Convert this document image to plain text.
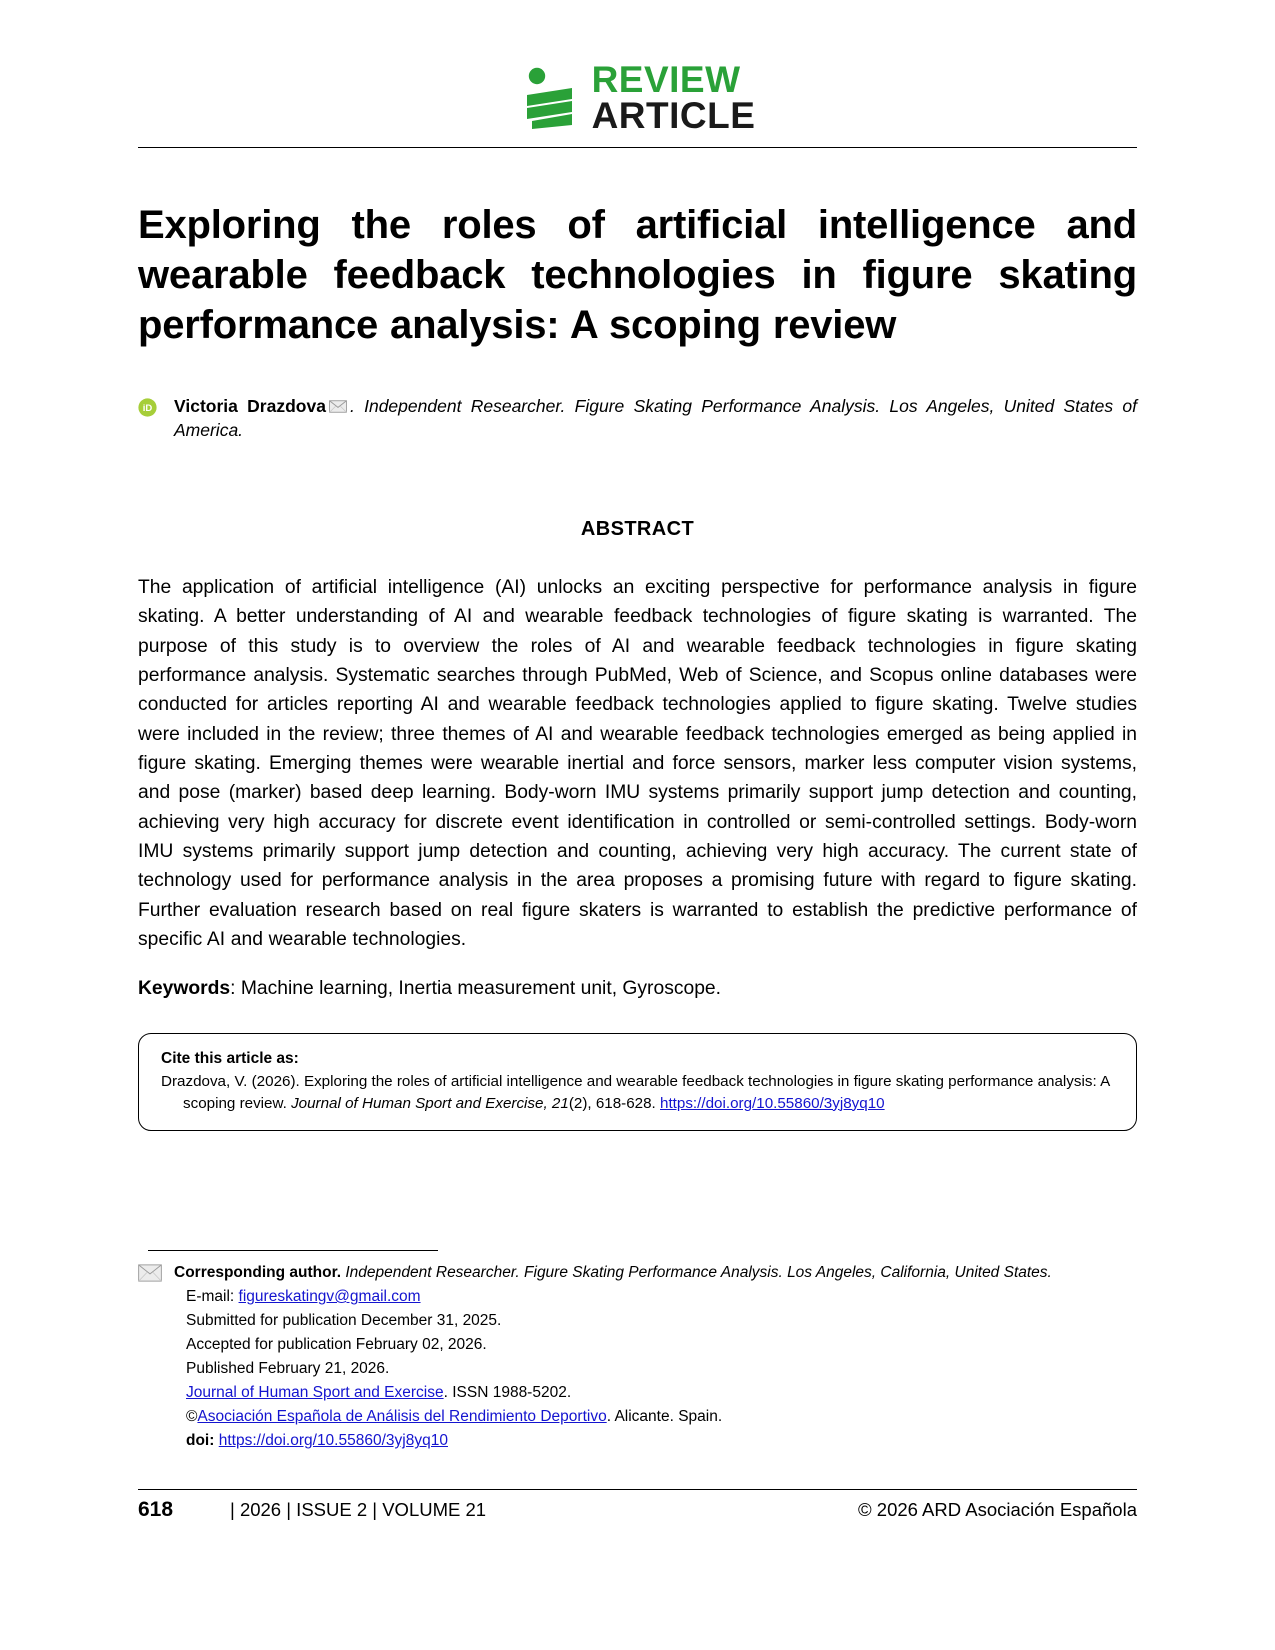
REVIEW
ARTICLE
Exploring the roles of artificial intelligence and wearable feedback technologies in figure skating performance analysis: A scoping review
iD Victoria Drazdova . Independent Researcher. Figure Skating Performance Analysis. Los Angeles, United States of America.
ABSTRACT

The application of artificial intelligence (AI) unlocks an exciting perspective for performance analysis in figure skating. A better understanding of AI and wearable feedback technologies of figure skating is warranted. The purpose of this study is to overview the roles of AI and wearable feedback technologies in figure skating performance analysis. Systematic searches through PubMed, Web of Science, and Scopus online databases were conducted for articles reporting AI and wearable feedback technologies applied to figure skating. Twelve studies were included in the review; three themes of AI and wearable feedback technologies emerged as being applied in figure skating. Emerging themes were wearable inertial and force sensors, marker less computer vision systems, and pose (marker) based deep learning. Body-worn IMU systems primarily support jump detection and counting, achieving very high accuracy for discrete event identification in controlled or semi-controlled settings. Body-worn IMU systems primarily support jump detection and counting, achieving very high accuracy. The current state of technology used for performance analysis in the area proposes a promising future with regard to figure skating. Further evaluation research based on real figure skaters is warranted to establish the predictive performance of specific AI and wearable technologies.

Keywords: Machine learning, Inertia measurement unit, Gyroscope.

Cite this article as:
Drazdova, V. (2026). Exploring the roles of artificial intelligence and wearable feedback technologies in figure skating performance analysis: A scoping review. Journal of Human Sport and Exercise, 21(2), 618-628. https://doi.org/10.55860/3yj8yq10
Corresponding author. Independent Researcher. Figure Skating Performance Analysis. Los Angeles, California, United States.
E-mail: figureskatingv@gmail.com
Submitted for publication December 31, 2025.
Accepted for publication February 02, 2026.
Published February 21, 2026.
Journal of Human Sport and Exercise. ISSN 1988-5202.
©Asociación Española de Análisis del Rendimiento Deportivo. Alicante. Spain.
doi: https://doi.org/10.55860/3yj8yq10
618	| 2026 | ISSUE 2 | VOLUME 21	© 2026 ARD Asociación Española
